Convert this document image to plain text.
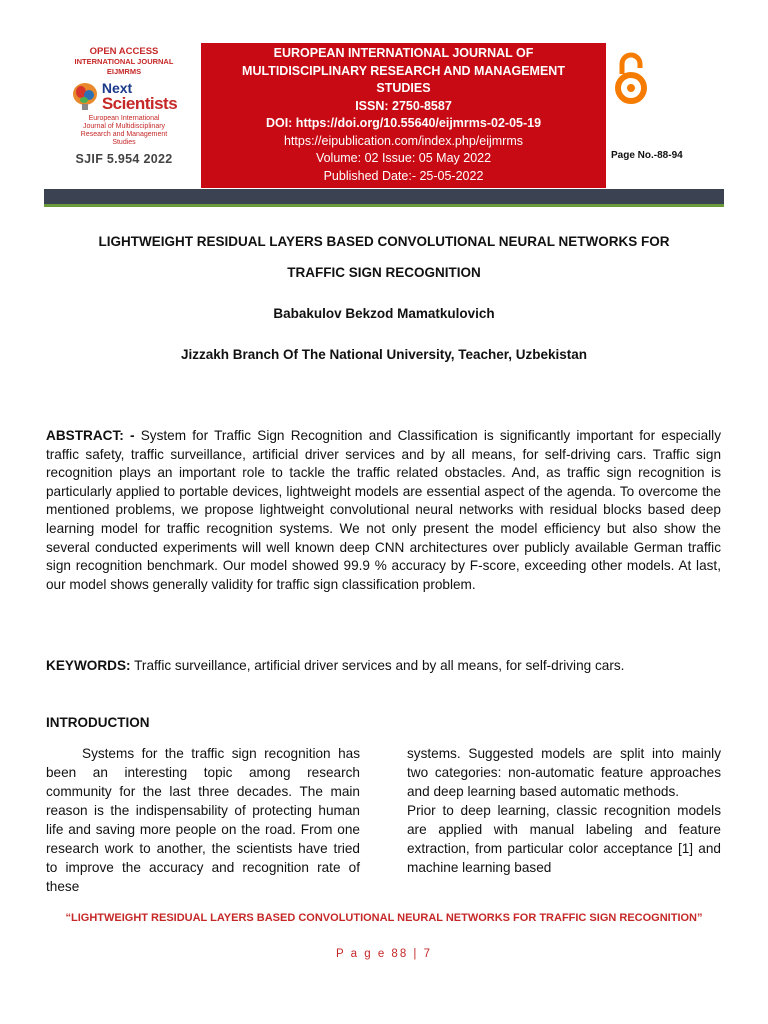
OPEN ACCESS
INTERNATIONAL JOURNAL
EIJMRMS
Next
Scientists
European International
Journal of Multidisciplinary
Research and Management
Studies
SJIF 5.954 2022
EUROPEAN INTERNATIONAL JOURNAL OF
MULTIDISCIPLINARY RESEARCH AND MANAGEMENT
STUDIES
ISSN: 2750-8587
DOI: https://doi.org/10.55640/eijmrms-02-05-19
https://eipublication.com/index.php/eijmrms
Volume: 02 Issue: 05 May 2022
Published Date:- 25-05-2022
Page No.-88-94
LIGHTWEIGHT RESIDUAL LAYERS BASED CONVOLUTIONAL NEURAL NETWORKS FOR
TRAFFIC SIGN RECOGNITION
Babakulov Bekzod Mamatkulovich
Jizzakh Branch Of The National University, Teacher, Uzbekistan
ABSTRACT: - System for Traffic Sign Recognition and Classification is significantly important for especially traffic safety, traffic surveillance, artificial driver services and by all means, for self-driving cars. Traffic sign recognition plays an important role to tackle the traffic related obstacles. And, as traffic sign recognition is particularly applied to portable devices, lightweight models are essential aspect of the agenda. To overcome the mentioned problems, we propose lightweight convolutional neural networks with residual blocks based deep learning model for traffic recognition systems. We not only present the model efficiency but also show the several conducted experiments will well known deep CNN architectures over publicly available German traffic sign recognition benchmark. Our model showed 99.9 % accuracy by F-score, exceeding other models. At last, our model shows generally validity for traffic sign classification problem.
KEYWORDS: Traffic surveillance, artificial driver services and by all means, for self-driving cars.
INTRODUCTION
Systems for the traffic sign recognition has been an interesting topic among research community for the last three decades. The main reason is the indispensability of protecting human life and saving more people on the road. From one research work to another, the scientists have tried to improve the accuracy and recognition rate of these
systems. Suggested models are split into mainly two categories: non-automatic feature approaches and deep learning based automatic methods.
Prior to deep learning, classic recognition models are applied with manual labeling and feature extraction, from particular color acceptance [1] and machine learning based
“LIGHTWEIGHT RESIDUAL LAYERS BASED CONVOLUTIONAL NEURAL NETWORKS FOR TRAFFIC SIGN RECOGNITION”
P a g e 88 | 7
